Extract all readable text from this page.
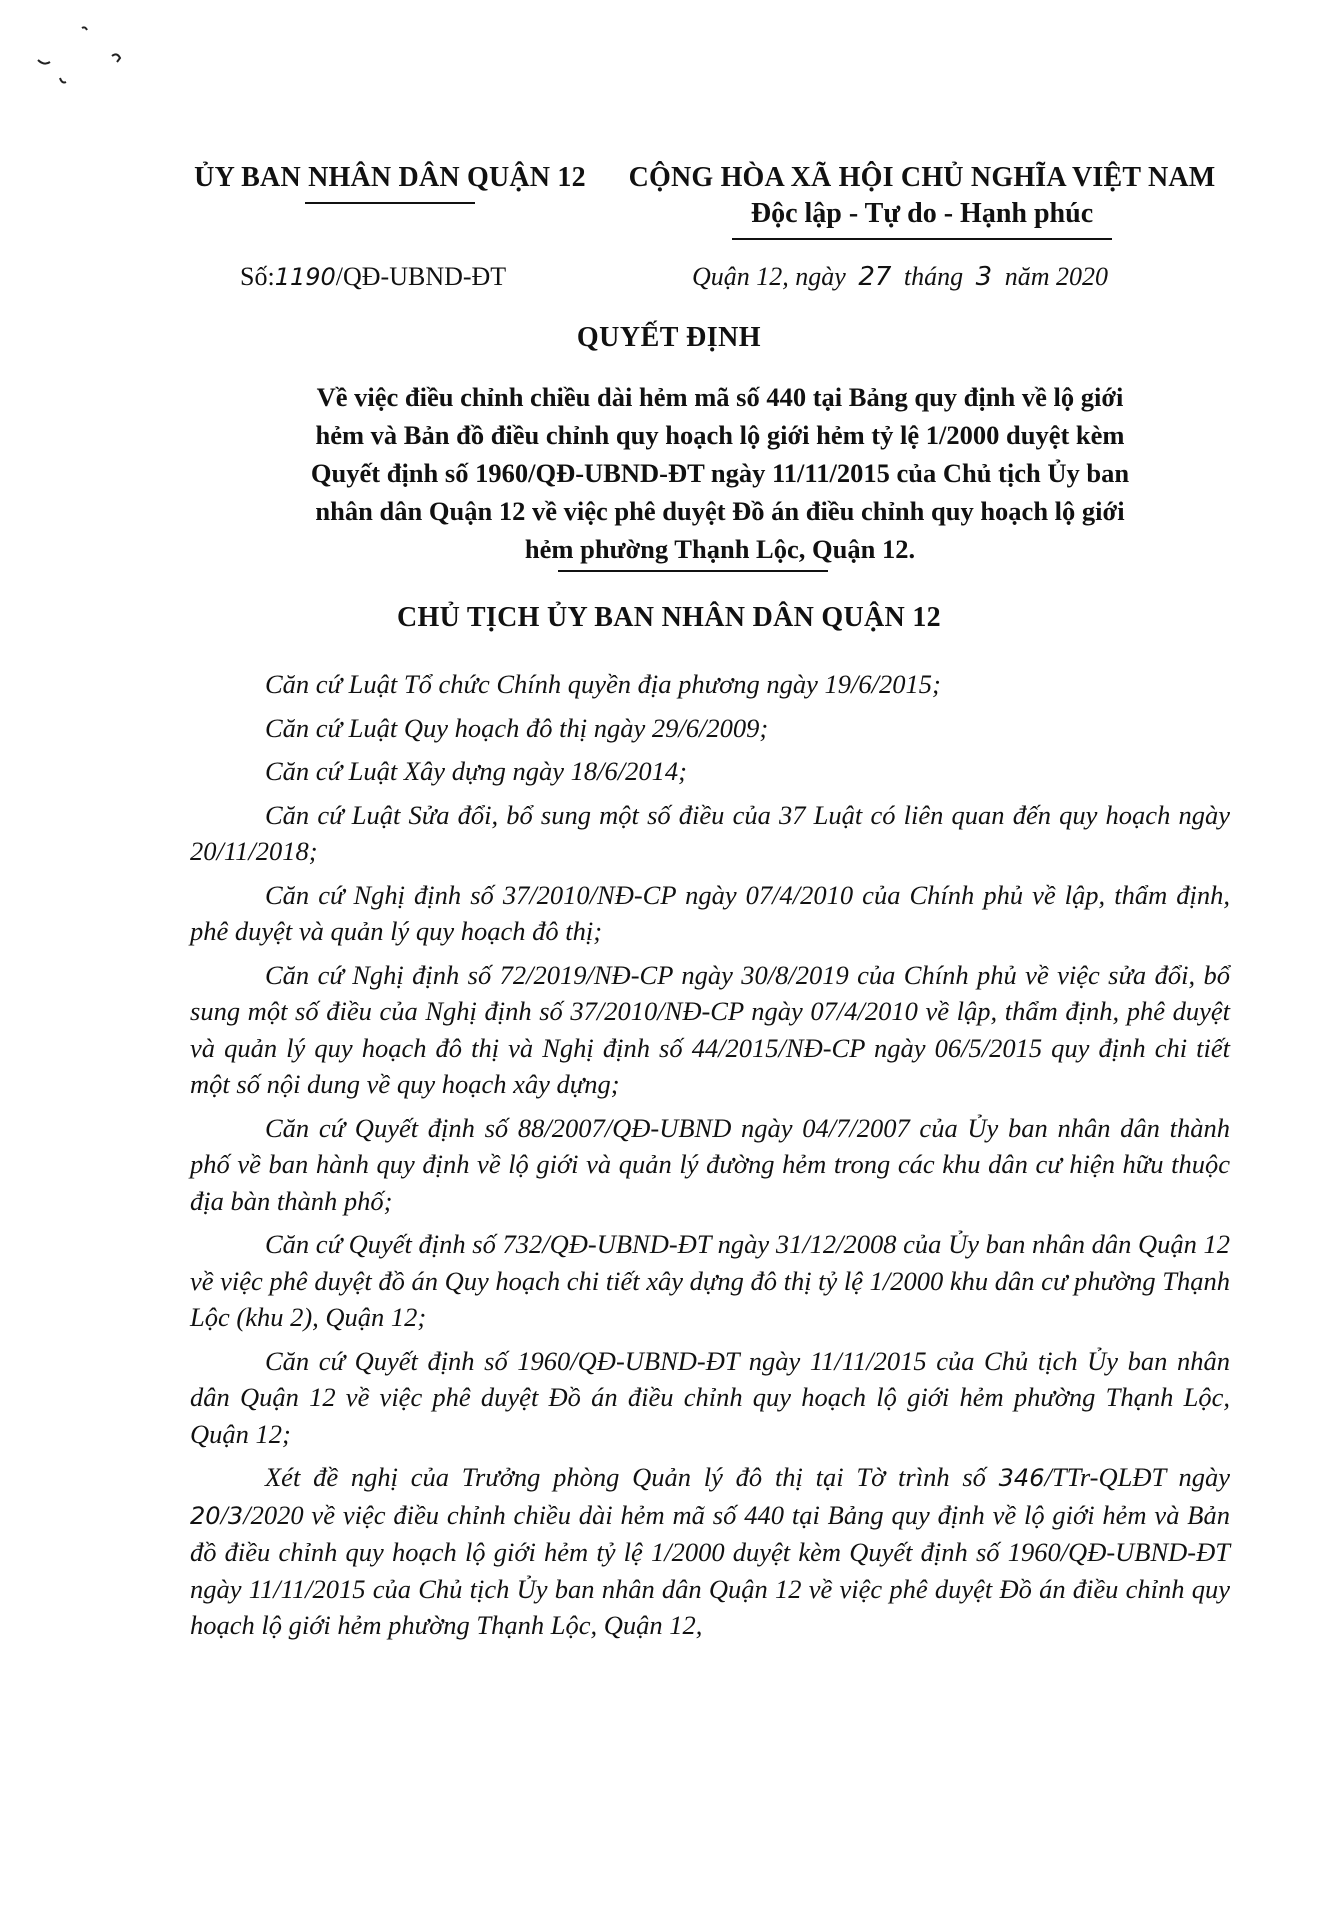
ỦY BAN NHÂN DÂN QUẬN 12	CỘNG HÒA XÃ HỘI CHỦ NGHĨA VIỆT NAM
Độc lập - Tự do - Hạnh phúc
Số:1190/QĐ-UBND-ĐT	Quận 12, ngày 27 tháng 3 năm 2020
QUYẾT ĐỊNH
Về việc điều chỉnh chiều dài hẻm mã số 440 tại Bảng quy định về lộ giới
hẻm và Bản đồ điều chỉnh quy hoạch lộ giới hẻm tỷ lệ 1/2000 duyệt kèm
Quyết định số 1960/QĐ-UBND-ĐT ngày 11/11/2015 của Chủ tịch Ủy ban
nhân dân Quận 12 về việc phê duyệt Đồ án điều chỉnh quy hoạch lộ giới
hẻm phường Thạnh Lộc, Quận 12.
CHỦ TỊCH ỦY BAN NHÂN DÂN QUẬN 12

Căn cứ Luật Tổ chức Chính quyền địa phương ngày 19/6/2015;

Căn cứ Luật Quy hoạch đô thị ngày 29/6/2009;

Căn cứ Luật Xây dựng ngày 18/6/2014;

Căn cứ Luật Sửa đổi, bổ sung một số điều của 37 Luật có liên quan đến quy hoạch ngày 20/11/2018;

Căn cứ Nghị định số 37/2010/NĐ-CP ngày 07/4/2010 của Chính phủ về lập, thẩm định, phê duyệt và quản lý quy hoạch đô thị;

Căn cứ Nghị định số 72/2019/NĐ-CP ngày 30/8/2019 của Chính phủ về việc sửa đổi, bổ sung một số điều của Nghị định số 37/2010/NĐ-CP ngày 07/4/2010 về lập, thẩm định, phê duyệt và quản lý quy hoạch đô thị và Nghị định số 44/2015/NĐ-CP ngày 06/5/2015 quy định chi tiết một số nội dung về quy hoạch xây dựng;

Căn cứ Quyết định số 88/2007/QĐ-UBND ngày 04/7/2007 của Ủy ban nhân dân thành phố về ban hành quy định về lộ giới và quản lý đường hẻm trong các khu dân cư hiện hữu thuộc địa bàn thành phố;

Căn cứ Quyết định số 732/QĐ-UBND-ĐT ngày 31/12/2008 của Ủy ban nhân dân Quận 12 về việc phê duyệt đồ án Quy hoạch chi tiết xây dựng đô thị tỷ lệ 1/2000 khu dân cư phường Thạnh Lộc (khu 2), Quận 12;

Căn cứ Quyết định số 1960/QĐ-UBND-ĐT ngày 11/11/2015 của Chủ tịch Ủy ban nhân dân Quận 12 về việc phê duyệt Đồ án điều chỉnh quy hoạch lộ giới hẻm phường Thạnh Lộc, Quận 12;

Xét đề nghị của Trưởng phòng Quản lý đô thị tại Tờ trình số 346/TTr-QLĐT ngày 20/3/2020 về việc điều chỉnh chiều dài hẻm mã số 440 tại Bảng quy định về lộ giới hẻm và Bản đồ điều chỉnh quy hoạch lộ giới hẻm tỷ lệ 1/2000 duyệt kèm Quyết định số 1960/QĐ-UBND-ĐT ngày 11/11/2015 của Chủ tịch Ủy ban nhân dân Quận 12 về việc phê duyệt Đồ án điều chỉnh quy hoạch lộ giới hẻm phường Thạnh Lộc, Quận 12,
